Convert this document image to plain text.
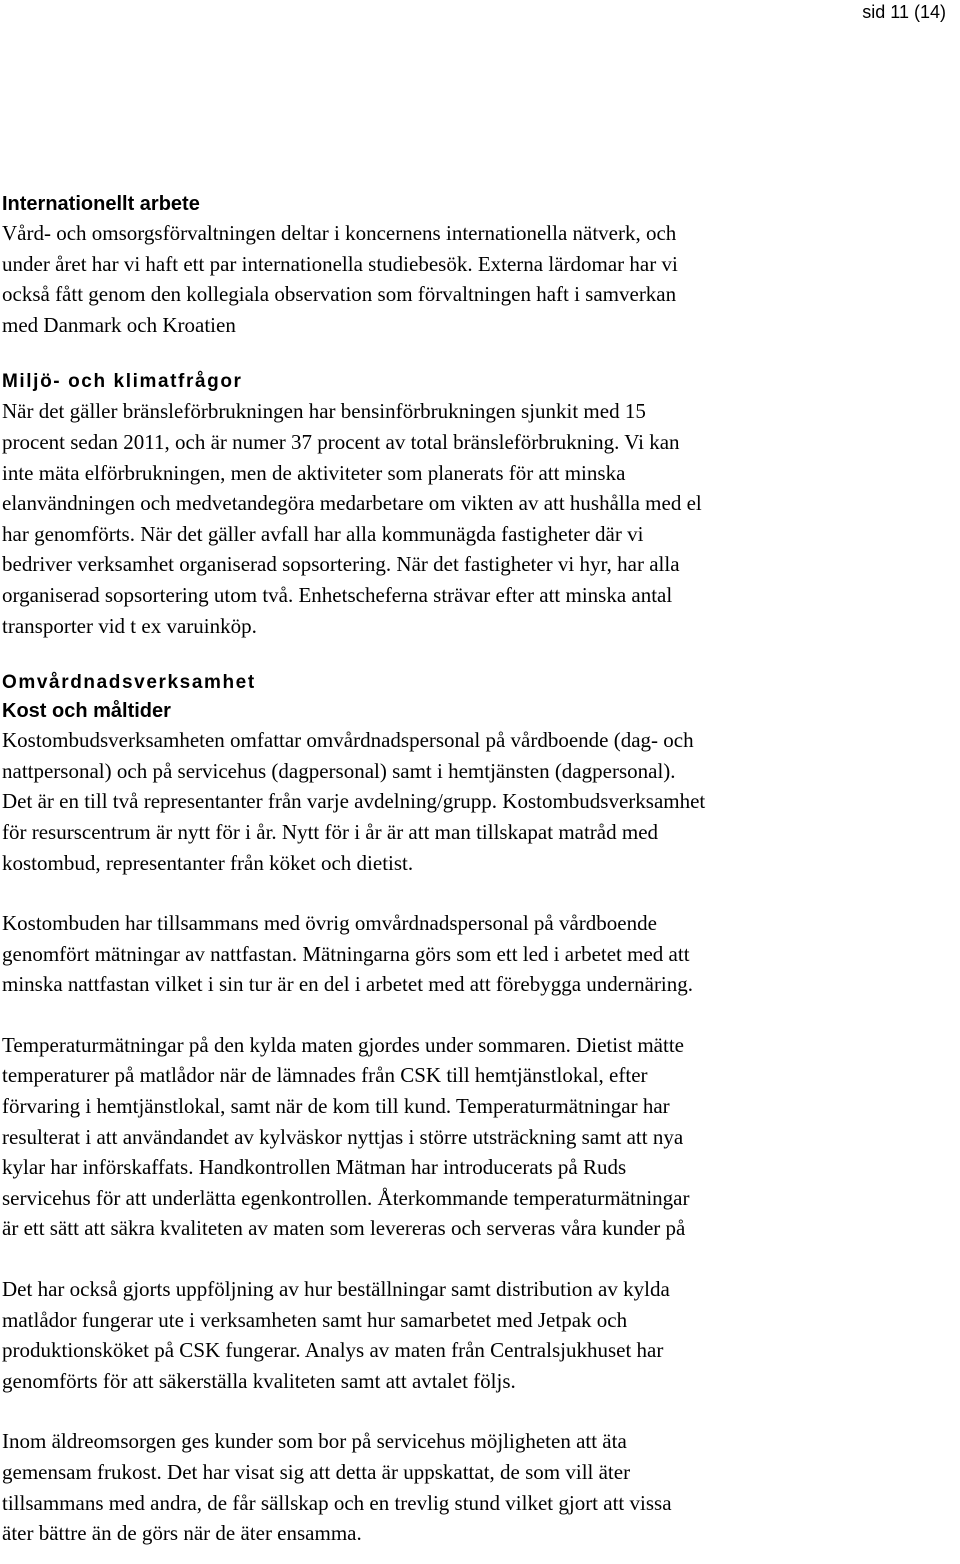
sid 11 (14)
Internationellt arbete
Vård- och omsorgsförvaltningen deltar i koncernens internationella nätverk, och
under året har vi haft ett par internationella studiebesök. Externa lärdomar har vi
också fått genom den kollegiala observation som förvaltningen haft i samverkan
med Danmark och Kroatien
Miljö- och klimatfrågor
När det gäller bränsleförbrukningen har bensinförbrukningen sjunkit med 15
procent sedan 2011, och är numer 37 procent av total bränsleförbrukning. Vi kan
inte mäta elförbrukningen, men de aktiviteter som planerats för att minska
elanvändningen och medvetandegöra medarbetare om vikten av att hushålla med el
har genomförts. När det gäller avfall har alla kommunägda fastigheter där vi
bedriver verksamhet organiserad sopsortering. När det fastigheter vi hyr, har alla
organiserad sopsortering utom två. Enhetscheferna strävar efter att minska antal
transporter vid t ex varuinköp.
Omvårdnadsverksamhet
Kost och måltider
Kostombudsverksamheten omfattar omvårdnadspersonal på vårdboende (dag- och
nattpersonal) och på servicehus (dagpersonal) samt i hemtjänsten (dagpersonal).
Det är en till två representanter från varje avdelning/grupp. Kostombudsverksamhet
för resurscentrum är nytt för i år. Nytt för i år är att man tillskapat matråd med
kostombud, representanter från köket och dietist.
Kostombuden har tillsammans med övrig omvårdnadspersonal på vårdboende
genomfört mätningar av nattfastan. Mätningarna görs som ett led i arbetet med att
minska nattfastan vilket i sin tur är en del i arbetet med att förebygga undernäring.
Temperaturmätningar på den kylda maten gjordes under sommaren. Dietist mätte
temperaturer på matlådor när de lämnades från CSK till hemtjänstlokal, efter
förvaring i hemtjänstlokal, samt när de kom till kund. Temperaturmätningar har
resulterat i att användandet av kylväskor nyttjas i större utsträckning samt att nya
kylar har införskaffats. Handkontrollen Mätman har introducerats på Ruds
servicehus för att underlätta egenkontrollen. Återkommande temperaturmätningar
är ett sätt att säkra kvaliteten av maten som levereras och serveras våra kunder på
Det har också gjorts uppföljning av hur beställningar samt distribution av kylda
matlådor fungerar ute i verksamheten samt hur samarbetet med Jetpak och
produktionsköket på CSK fungerar. Analys av maten från Centralsjukhuset har
genomförts för att säkerställa kvaliteten samt att avtalet följs.
Inom äldreomsorgen ges kunder som bor på servicehus möjligheten att äta
gemensam frukost. Det har visat sig att detta är uppskattat, de som vill äter
tillsammans med andra, de får sällskap och en trevlig stund vilket gjort att vissa
äter bättre än de görs när de äter ensamma.
